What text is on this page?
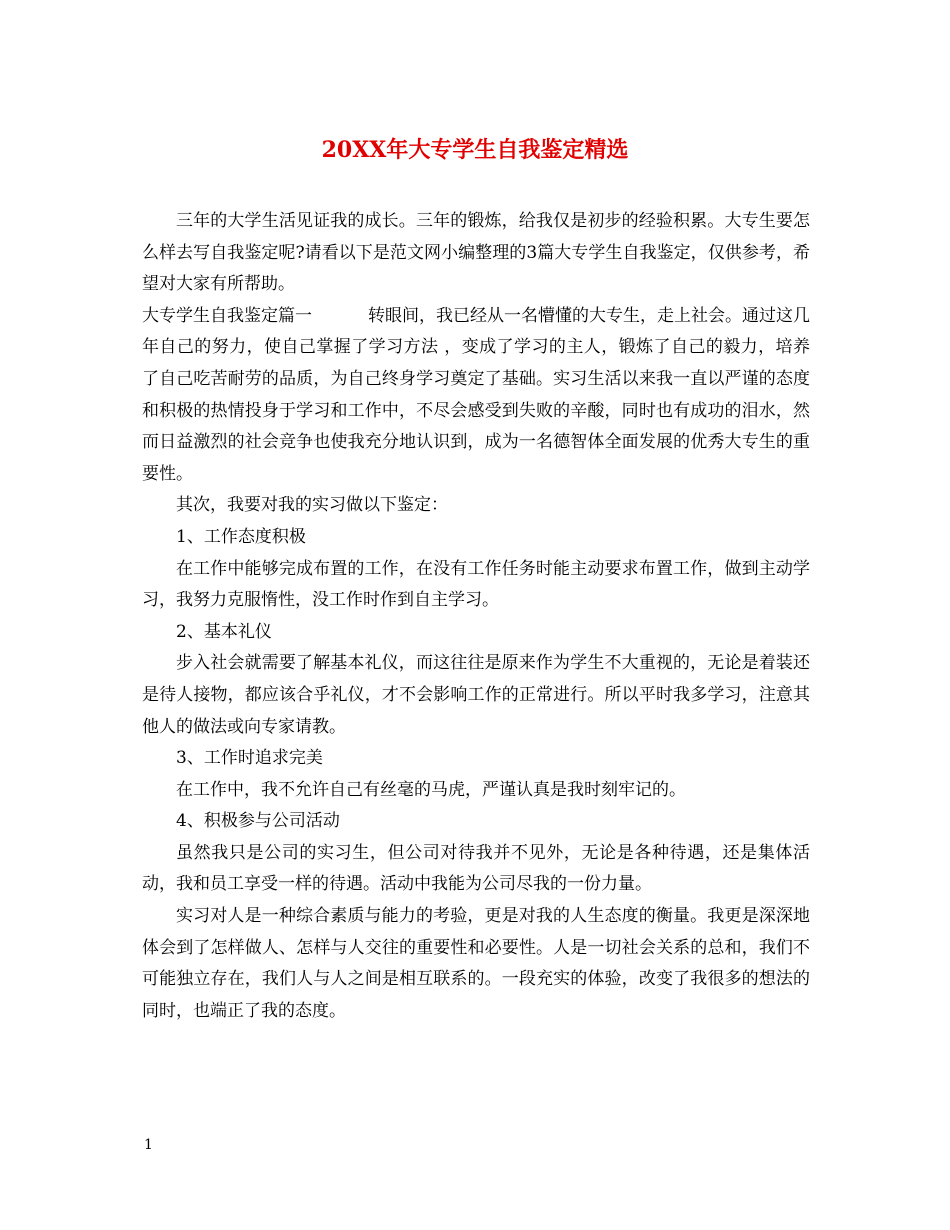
20XX年大专学生自我鉴定精选

三年的大学生活见证我的成长。三年的锻炼，给我仅是初步的经验积累。大专生要怎么样去写自我鉴定呢?请看以下是范文网小编整理的3篇大专学生自我鉴定，仅供参考，希望对大家有所帮助。

大专学生自我鉴定篇一	转眼间，我已经从一名懵懂的大专生，走上社会。通过这几年自己的努力，使自己掌握了学习方法 ，变成了学习的主人，锻炼了自己的毅力，培养了自己吃苦耐劳的品质，为自己终身学习奠定了基础。实习生活以来我一直以严谨的态度和积极的热情投身于学习和工作中，不尽会感受到失败的辛酸，同时也有成功的泪水，然而日益激烈的社会竞争也使我充分地认识到，成为一名德智体全面发展的优秀大专生的重要性。

其次，我要对我的实习做以下鉴定：

1、工作态度积极

在工作中能够完成布置的工作，在没有工作任务时能主动要求布置工作，做到主动学习，我努力克服惰性，没工作时作到自主学习。

2、基本礼仪

步入社会就需要了解基本礼仪，而这往往是原来作为学生不大重视的，无论是着装还是待人接物，都应该合乎礼仪，才不会影响工作的正常进行。所以平时我多学习，注意其他人的做法或向专家请教。

3、工作时追求完美

在工作中，我不允许自己有丝毫的马虎，严谨认真是我时刻牢记的。

4、积极参与公司活动

虽然我只是公司的实习生，但公司对待我并不见外，无论是各种待遇，还是集体活动，我和员工享受一样的待遇。活动中我能为公司尽我的一份力量。

实习对人是一种综合素质与能力的考验，更是对我的人生态度的衡量。我更是深深地体会到了怎样做人、怎样与人交往的重要性和必要性。人是一切社会关系的总和，我们不可能独立存在，我们人与人之间是相互联系的。一段充实的体验，改变了我很多的想法的同时，也端正了我的态度。

1
